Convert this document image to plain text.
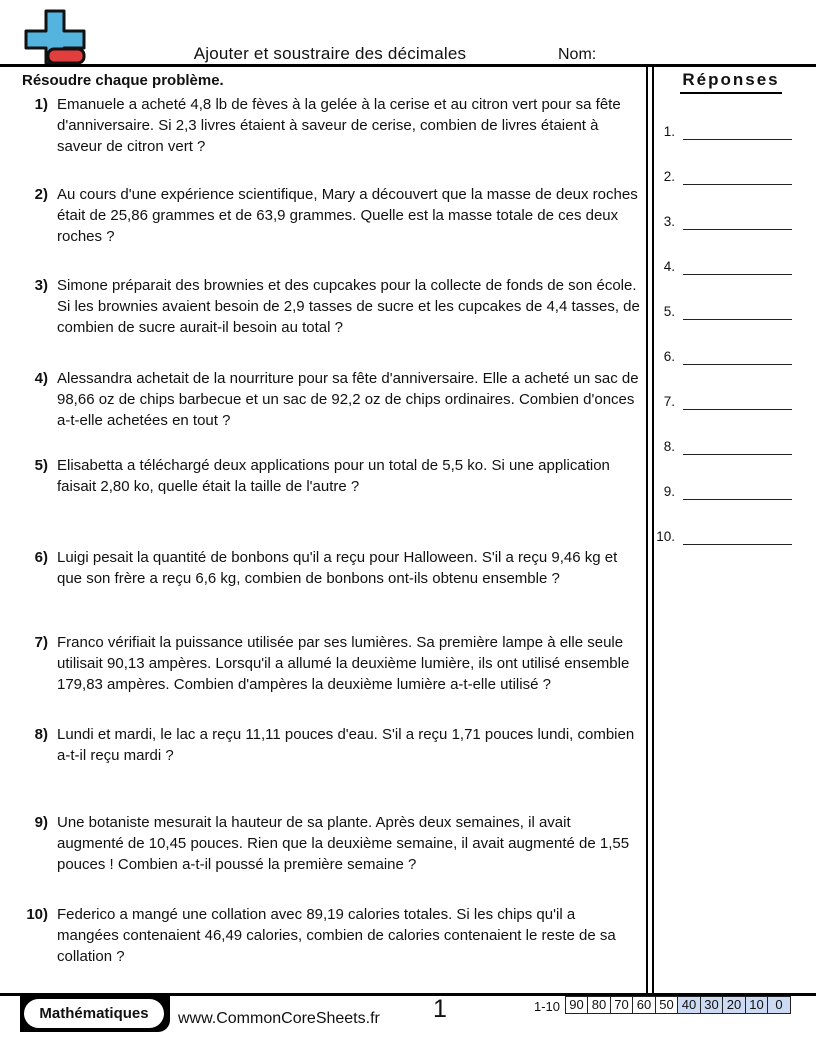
Ajouter et soustraire des décimales	Nom:
Résoudre chaque problème.
1) Emanuele a acheté 4,8 lb de fèves à la gelée à la cerise et au citron vert pour sa fête d'anniversaire. Si 2,3 livres étaient à saveur de cerise, combien de livres étaient à saveur de citron vert ?
2) Au cours d'une expérience scientifique, Mary a découvert que la masse de deux roches était de 25,86 grammes et de 63,9 grammes. Quelle est la masse totale de ces deux roches ?
3) Simone préparait des brownies et des cupcakes pour la collecte de fonds de son école. Si les brownies avaient besoin de 2,9 tasses de sucre et les cupcakes de 4,4 tasses, de combien de sucre aurait-il besoin au total ?
4) Alessandra achetait de la nourriture pour sa fête d'anniversaire. Elle a acheté un sac de 98,66 oz de chips barbecue et un sac de 92,2 oz de chips ordinaires. Combien d'onces a-t-elle achetées en tout ?
5) Elisabetta a téléchargé deux applications pour un total de 5,5 ko. Si une application faisait 2,80 ko, quelle était la taille de l'autre ?
6) Luigi pesait la quantité de bonbons qu'il a reçu pour Halloween. S'il a reçu 9,46 kg et que son frère a reçu 6,6 kg, combien de bonbons ont-ils obtenu ensemble ?
7) Franco vérifiait la puissance utilisée par ses lumières. Sa première lampe à elle seule utilisait 90,13 ampères. Lorsqu'il a allumé la deuxième lumière, ils ont utilisé ensemble 179,83 ampères. Combien d'ampères la deuxième lumière a-t-elle utilisé ?
8) Lundi et mardi, le lac a reçu 11,11 pouces d'eau. S'il a reçu 1,71 pouces lundi, combien a-t-il reçu mardi ?
9) Une botaniste mesurait la hauteur de sa plante. Après deux semaines, il avait augmenté de 10,45 pouces. Rien que la deuxième semaine, il avait augmenté de 1,55 pouces ! Combien a-t-il poussé la première semaine ?
10) Federico a mangé une collation avec 89,19 calories totales. Si les chips qu'il a mangées contenaient 46,49 calories, combien de calories contenaient le reste de sa collation ?
Réponses
1.
2.
3.
4.
5.
6.
7.
8.
9.
10.
Mathématiques	www.CommonCoreSheets.fr	1	1-10 90 80 70 60 50 40 30 20 10 0
